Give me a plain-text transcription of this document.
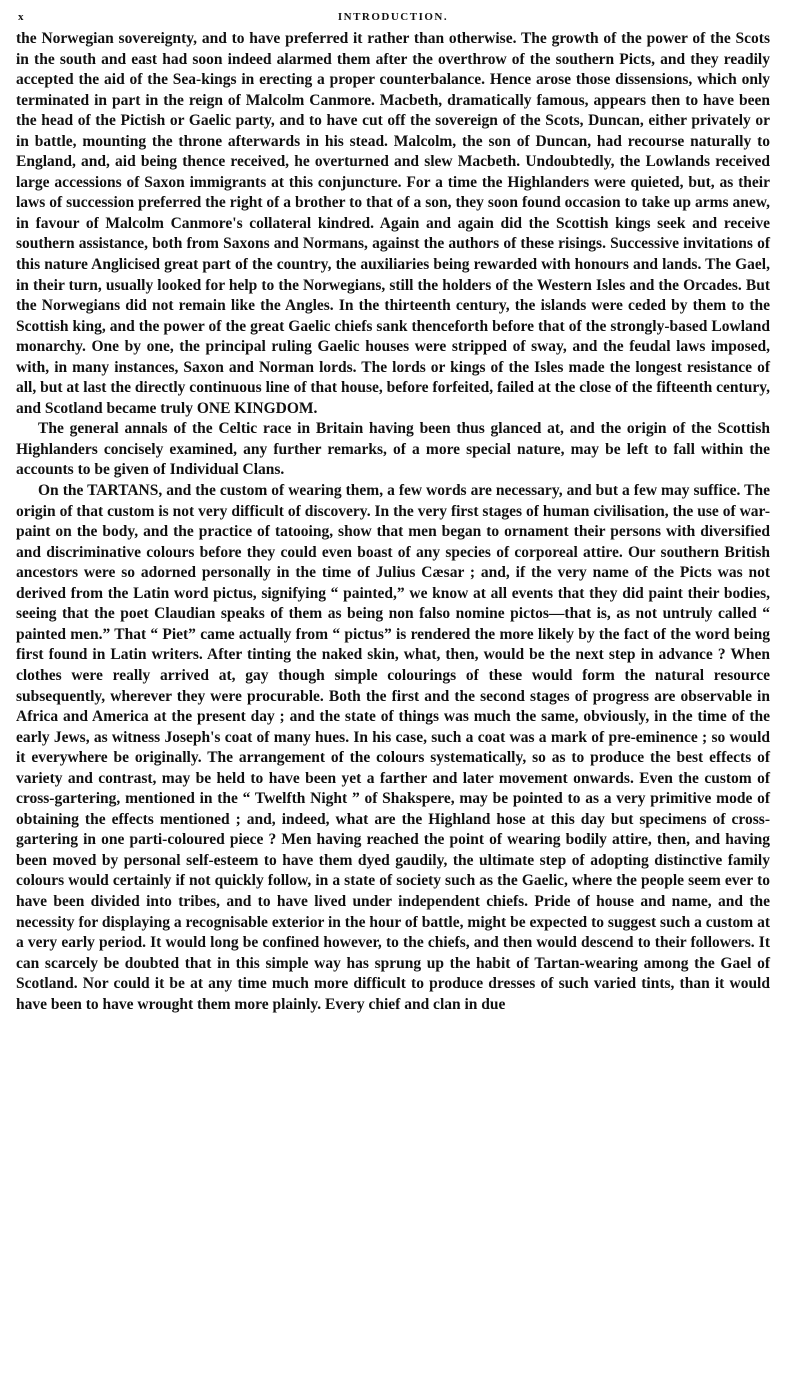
x	INTRODUCTION.

the Norwegian sovereignty, and to have preferred it rather than otherwise. The growth of the power of the Scots in the south and east had soon indeed alarmed them after the overthrow of the southern Picts, and they readily accepted the aid of the Sea-kings in erecting a proper counterbalance. Hence arose those dissensions, which only terminated in part in the reign of Malcolm Canmore. Macbeth, dramatically famous, appears then to have been the head of the Pictish or Gaelic party, and to have cut off the sovereign of the Scots, Duncan, either privately or in battle, mounting the throne afterwards in his stead. Malcolm, the son of Duncan, had recourse naturally to England, and, aid being thence received, he overturned and slew Macbeth. Undoubtedly, the Lowlands received large accessions of Saxon immigrants at this conjuncture. For a time the Highlanders were quieted, but, as their laws of succession preferred the right of a brother to that of a son, they soon found occasion to take up arms anew, in favour of Malcolm Canmore's collateral kindred. Again and again did the Scottish kings seek and receive southern assistance, both from Saxons and Normans, against the authors of these risings. Successive invitations of this nature Anglicised great part of the country, the auxiliaries being rewarded with honours and lands. The Gael, in their turn, usually looked for help to the Norwegians, still the holders of the Western Isles and the Orcades. But the Norwegians did not remain like the Angles. In the thirteenth century, the islands were ceded by them to the Scottish king, and the power of the great Gaelic chiefs sank thenceforth before that of the strongly-based Lowland monarchy. One by one, the principal ruling Gaelic houses were stripped of sway, and the feudal laws imposed, with, in many instances, Saxon and Norman lords. The lords or kings of the Isles made the longest resistance of all, but at last the directly continuous line of that house, before forfeited, failed at the close of the fifteenth century, and Scotland became truly ONE KINGDOM.

The general annals of the Celtic race in Britain having been thus glanced at, and the origin of the Scottish Highlanders concisely examined, any further remarks, of a more special nature, may be left to fall within the accounts to be given of Individual Clans.

On the TARTANS, and the custom of wearing them, a few words are necessary, and but a few may suffice. The origin of that custom is not very difficult of discovery. In the very first stages of human civilisation, the use of war-paint on the body, and the practice of tatooing, show that men began to ornament their persons with diversified and discriminative colours before they could even boast of any species of corporeal attire. Our southern British ancestors were so adorned personally in the time of Julius Cæsar ; and, if the very name of the Picts was not derived from the Latin word pictus, signifying “ painted,” we know at all events that they did paint their bodies, seeing that the poet Claudian speaks of them as being non falso nomine pictos—that is, as not untruly called “ painted men.” That “ Piet” came actually from “ pictus” is rendered the more likely by the fact of the word being first found in Latin writers. After tinting the naked skin, what, then, would be the next step in advance ? When clothes were really arrived at, gay though simple colourings of these would form the natural resource subsequently, wherever they were procurable. Both the first and the second stages of progress are observable in Africa and America at the present day ; and the state of things was much the same, obviously, in the time of the early Jews, as witness Joseph's coat of many hues. In his case, such a coat was a mark of pre-eminence ; so would it everywhere be originally. The arrangement of the colours systematically, so as to produce the best effects of variety and contrast, may be held to have been yet a farther and later movement onwards. Even the custom of cross-gartering, mentioned in the “ Twelfth Night ” of Shakspere, may be pointed to as a very primitive mode of obtaining the effects mentioned ; and, indeed, what are the Highland hose at this day but specimens of cross-gartering in one parti-coloured piece ? Men having reached the point of wearing bodily attire, then, and having been moved by personal self-esteem to have them dyed gaudily, the ultimate step of adopting distinctive family colours would certainly if not quickly follow, in a state of society such as the Gaelic, where the people seem ever to have been divided into tribes, and to have lived under independent chiefs. Pride of house and name, and the necessity for displaying a recognisable exterior in the hour of battle, might be expected to suggest such a custom at a very early period. It would long be confined however, to the chiefs, and then would descend to their followers. It can scarcely be doubted that in this simple way has sprung up the habit of Tartan-wearing among the Gael of Scotland. Nor could it be at any time much more difficult to produce dresses of such varied tints, than it would have been to have wrought them more plainly. Every chief and clan in due
